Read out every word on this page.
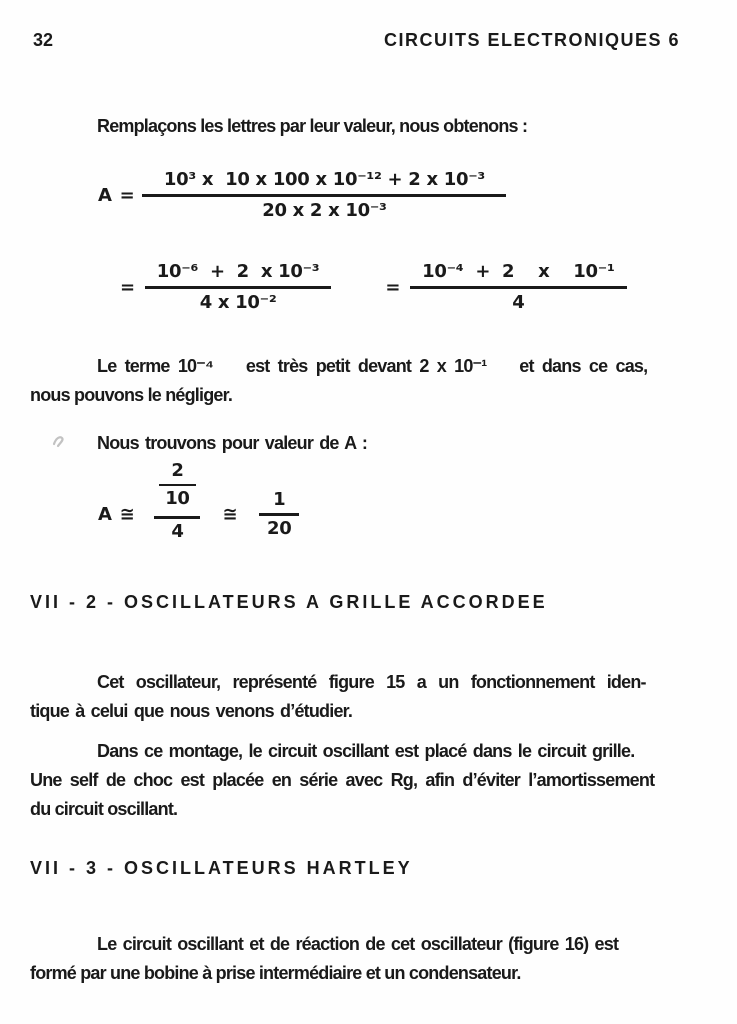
32	CIRCUITS ELECTRONIQUES 6
Remplaçons les lettres par leur valeur, nous obtenons :
$A = \frac{\text{10³ x  10 x 100 x 10⁻¹² + 2 x 10⁻³}}{\text{20 x 2 x 10⁻³}}$
= $\frac{\text{10⁻⁶  +  2  x 10⁻³}}{\text{4 x 10⁻²}}$	= $\frac{\text{10⁻⁴  +  2    x    10⁻¹}}{4}$
Le terme 10⁻⁴    est très petit devant 2 x 10⁻¹    et dans ce cas,
nous pouvons le négliger.
Nous trouvons pour valeur de A :
A ≅ $\frac{\frac{2}{10}}{4}$ ≅ $\frac{1}{20}$
VII - 2 - OSCILLATEURS A GRILLE ACCORDEE
Cet oscillateur, représenté figure 15 a un fonctionnement iden-
tique à celui que nous venons d’étudier.
Dans ce montage, le circuit oscillant est placé dans le circuit grille.
Une self de choc est placée en série avec Rg, afin d’éviter l’amortissement
du circuit oscillant.
VII - 3 - OSCILLATEURS HARTLEY
Le circuit oscillant et de réaction de cet oscillateur (figure 16) est
formé par une bobine à prise intermédiaire et un condensateur.
